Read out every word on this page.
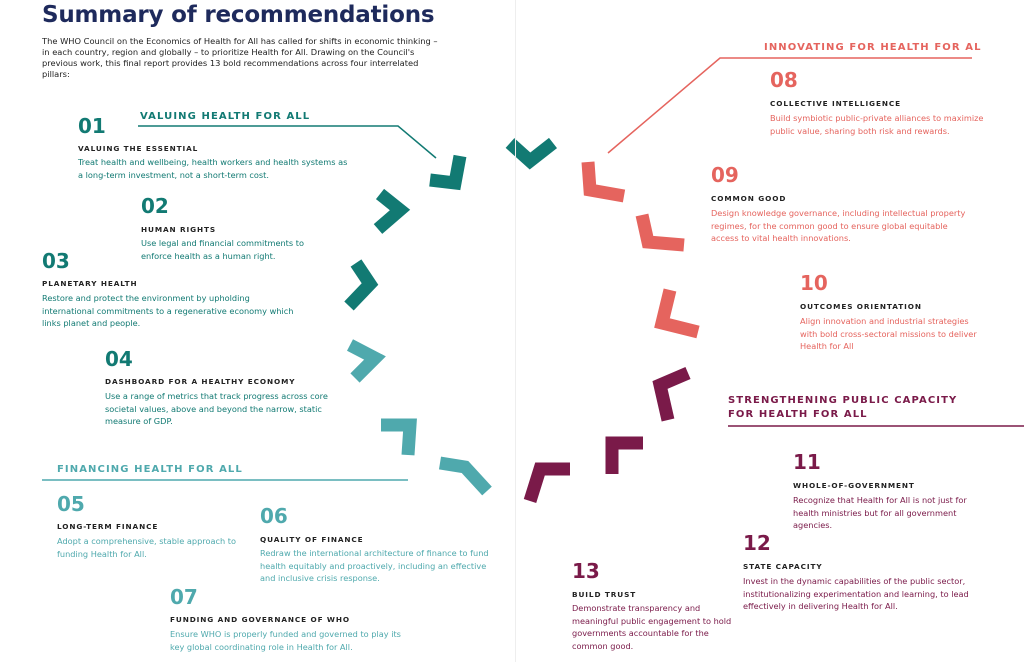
Summary of recommendations
The WHO Council on the Economics of Health for All has called for shifts in economic thinking – in each country, region and globally – to prioritize Health for All. Drawing on the Council's previous work, this final report provides 13 bold recommendations across four interrelated pillars:
VALUING HEALTH FOR ALL
FINANCING HEALTH FOR ALL
INNOVATING FOR HEALTH FOR AL
STRENGTHENING PUBLIC CAPACITY
FOR HEALTH FOR ALL
01
VALUING THE ESSENTIAL
Treat health and wellbeing, health workers and health systems as a long-term investment, not a short-term cost.
02
HUMAN RIGHTS
Use legal and financial commitments to enforce health as a human right.
03
PLANETARY HEALTH
Restore and protect the environment by upholding international commitments to a regenerative economy which links planet and people.
04
DASHBOARD FOR A HEALTHY ECONOMY
Use a range of metrics that track progress across core societal values, above and beyond the narrow, static measure of GDP.
05
LONG-TERM FINANCE
Adopt a comprehensive, stable approach to funding Health for All.
06
QUALITY OF FINANCE
Redraw the international architecture of finance to fund health equitably and proactively, including an effective and inclusive crisis response.
07
FUNDING AND GOVERNANCE OF WHO
Ensure WHO is properly funded and governed to play its key global coordinating role in Health for All.
08
COLLECTIVE INTELLIGENCE
Build symbiotic public-private alliances to maximize public value, sharing both risk and rewards.
09
COMMON GOOD
Design knowledge governance, including intellectual property regimes, for the common good to ensure global equitable access to vital health innovations.
10
OUTCOMES ORIENTATION
Align innovation and industrial strategies with bold cross-sectoral missions to deliver Health for All
11
WHOLE-OF-GOVERNMENT
Recognize that Health for All is not just for health ministries but for all government agencies.
12
STATE CAPACITY
Invest in the dynamic capabilities of the public sector, institutionalizing experimentation and learning, to lead effectively in delivering Health for All.
13
BUILD TRUST
Demonstrate transparency and meaningful public engagement to hold governments accountable for the common good.
